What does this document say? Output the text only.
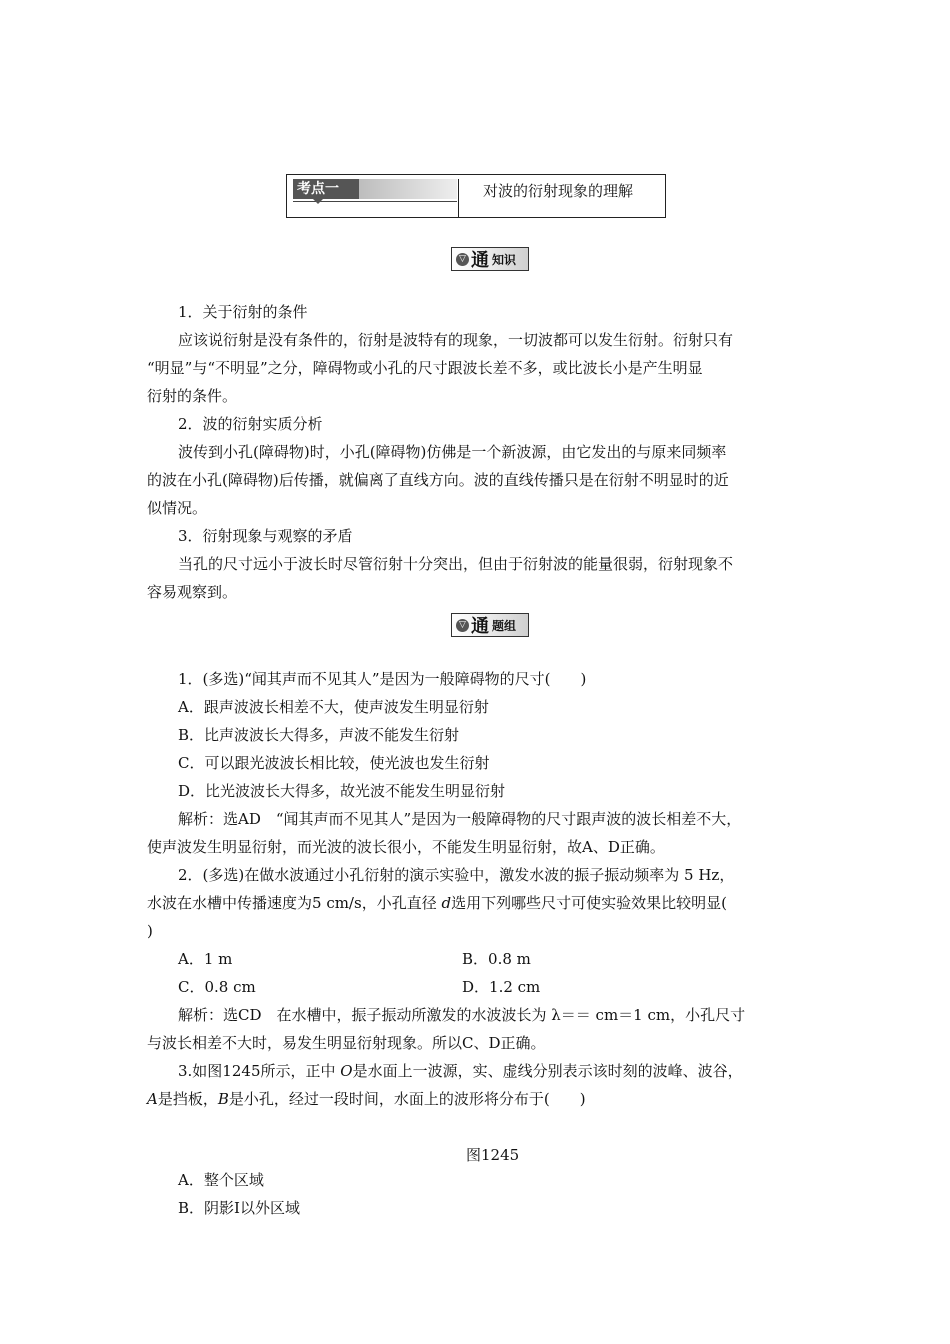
考点一	对波的衍射现象的理解
▽ 通 知识
1．关于衍射的条件
应该说衍射是没有条件的，衍射是波特有的现象，一切波都可以发生衍射。衍射只有
“明显”与“不明显”之分，障碍物或小孔的尺寸跟波长差不多，或比波长小是产生明显
衍射的条件。
2．波的衍射实质分析
波传到小孔(障碍物)时，小孔(障碍物)仿佛是一个新波源，由它发出的与原来同频率
的波在小孔(障碍物)后传播，就偏离了直线方向。波的直线传播只是在衍射不明显时的近
似情况。
3．衍射现象与观察的矛盾
当孔的尺寸远小于波长时尽管衍射十分突出，但由于衍射波的能量很弱，衍射现象不
容易观察到。
▽ 通 题组
1．(多选)“闻其声而不见其人”是因为一般障碍物的尺寸(　　)
A．跟声波波长相差不大，使声波发生明显衍射
B．比声波波长大得多，声波不能发生衍射
C．可以跟光波波长相比较，使光波也发生衍射
D．比光波波长大得多，故光波不能发生明显衍射
解析：选AD　“闻其声而不见其人”是因为一般障碍物的尺寸跟声波的波长相差不大，
使声波发生明显衍射，而光波的波长很小，不能发生明显衍射，故A、D正确。
2．(多选)在做水波通过小孔衍射的演示实验中，激发水波的振子振动频率为 5 Hz，
水波在水槽中传播速度为5 cm/s，小孔直径 d选用下列哪些尺寸可使实验效果比较明显(
)
A．1 m	B．0.8 m
C．0.8 cm	D．1.2 cm
解析：选CD　在水槽中，振子振动所激发的水波波长为 λ＝＝ cm＝1 cm，小孔尺寸
与波长相差不大时，易发生明显衍射现象。所以C、D正确。
3.如图1245所示，正中 O是水面上一波源，实、虚线分别表示该时刻的波峰、波谷，
A是挡板，B是小孔，经过一段时间，水面上的波形将分布于(　　)
图1245
A．整个区域
B．阴影Ⅰ以外区域
